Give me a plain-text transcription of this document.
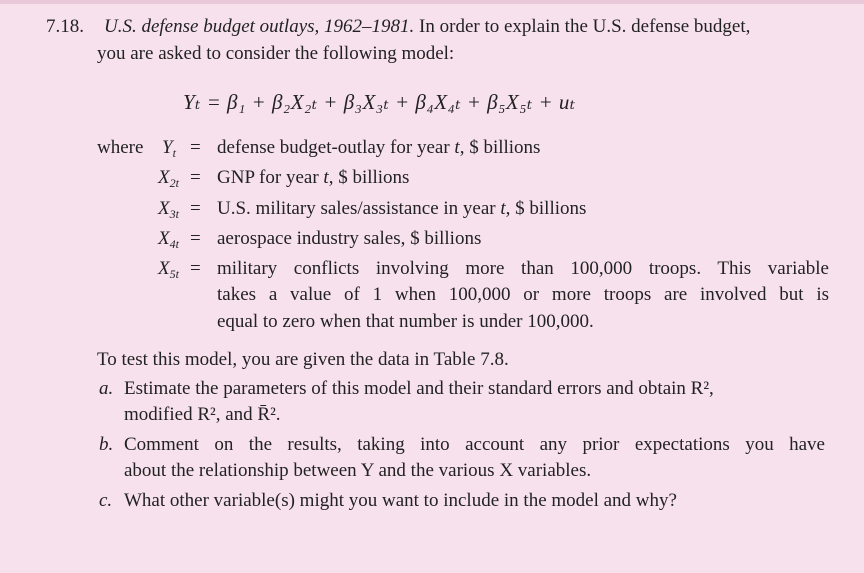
7.18. U.S. defense budget outlays, 1962–1981. In order to explain the U.S. defense budget,
you are asked to consider the following model:
Yₜ = β₁ + β₂X₂ₜ + β₃X₃ₜ + β₄X₄ₜ + β₅X₅ₜ + uₜ
where $Y_t$ = defense budget-outlay for year t, $ billions
$X_{2t}$ = GNP for year t, $ billions
$X_{3t} = U.S$. military sales/assistance in year t, $ billions
$X_{4t}$ = aerospace industry sales, $ billions
$X_{5t}$ = military conflicts involving more than 100,000 troops. This variable
takes a value of 1 when 100,000 or more troops are involved but is
equal to zero when that number is under 100,000.
To test this model, you are given the data in Table 7.8.
a. Estimate the parameters of this model and their standard errors and obtain R²,
modified R², and R̄².
b. Comment on the results, taking into account any prior expectations you have
about the relationship between Y and the various X variables.
c. What other variable(s) might you want to include in the model and why?
